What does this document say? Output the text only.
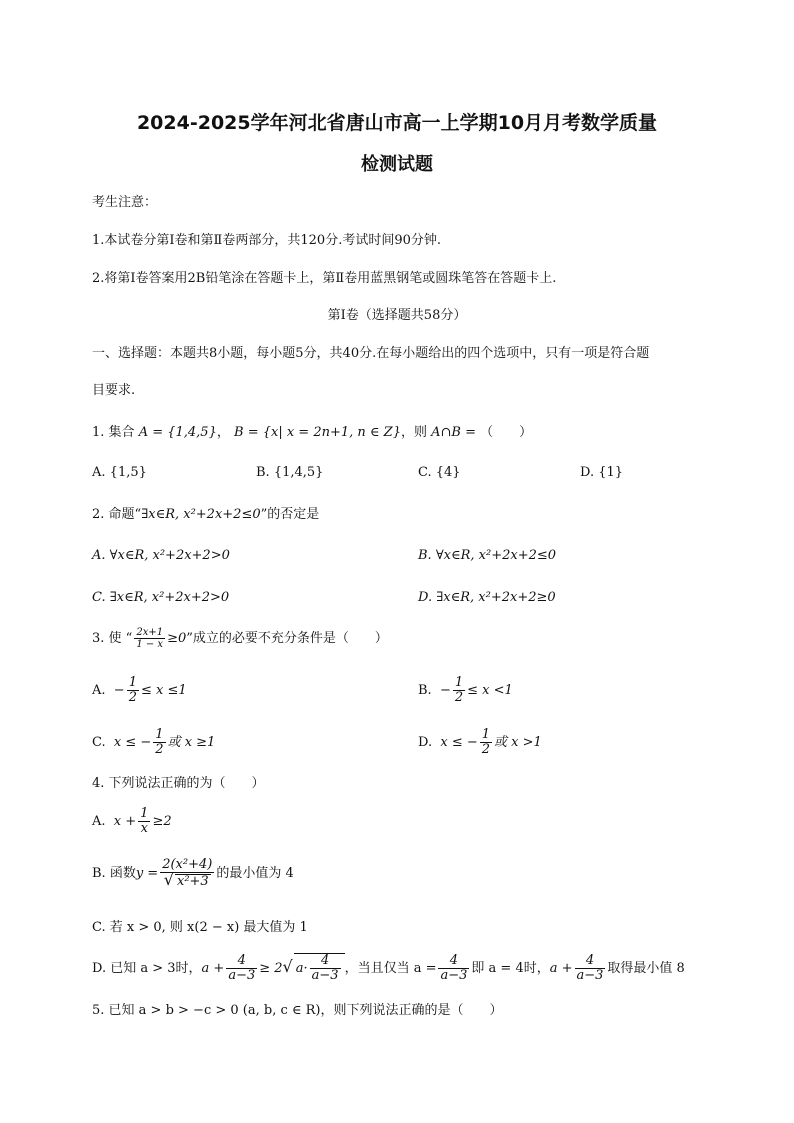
2024-2025学年河北省唐山市高一上学期10月月考数学质量
检测试题
考生注意：
1.本试卷分第Ⅰ卷和第Ⅱ卷两部分，共120分.考试时间90分钟.
2.将第Ⅰ卷答案用2B铅笔涂在答题卡上，第Ⅱ卷用蓝黑钢笔或圆珠笔答在答题卡上.
第Ⅰ卷（选择题共58分）
一、选择题：本题共8小题，每小题5分，共40分.在每小题给出的四个选项中，只有一项是符合题
目要求.
1. 集合 A = {1,4,5}， B = {x| x = 2n+1, n ∈ Z}，则 A∩B = （　　）
A. {1,5}	B. {1,4,5}	C. {4}	D. {1}
2. 命题“∃x∈R, x²+2x+2≤0”的否定是
A. ∀x∈R, x²+2x+2>0	B. ∀x∈R, x²+2x+2≤0
C. ∃x∈R, x²+2x+2>0	D. ∃x∈R, x²+2x+2≥0
3. 使 “ $\frac{2x+1}{1 - x} \ge 0$”成立的必要不充分条件是（　　）
A. − $\frac{1}{2} \le x \le 1$	B. − $\frac{1}{2} \le x <1$
C. x ≤ − $\frac{1}{2}$ 或 x ≥1	D. x ≤ − $\frac{1}{2}$ 或 x >1
4. 下列说法正确的为（　　）
A. $x + \frac{1}{x} \ge 2$
B. 函数$y = \frac{\text{2(x²+4)}}{\text{√ x²+3}}$ 的最小值为 4
C. 若 x > 0, 则 x(2 − x) 最大值为 1
D. 已知 a > 3时，$a + \frac{4}{a-3} \ge 2√$ $a\cdot \frac{4}{a-3}$ ，当且仅当 $a = \frac{4}{a-3}$ 即 a = 4时，$a + \frac{4}{a-3}$ 取得最小值 8
5. 已知 a > b > −c > 0 (a, b, c ∈ R)，则下列说法正确的是（　　）
